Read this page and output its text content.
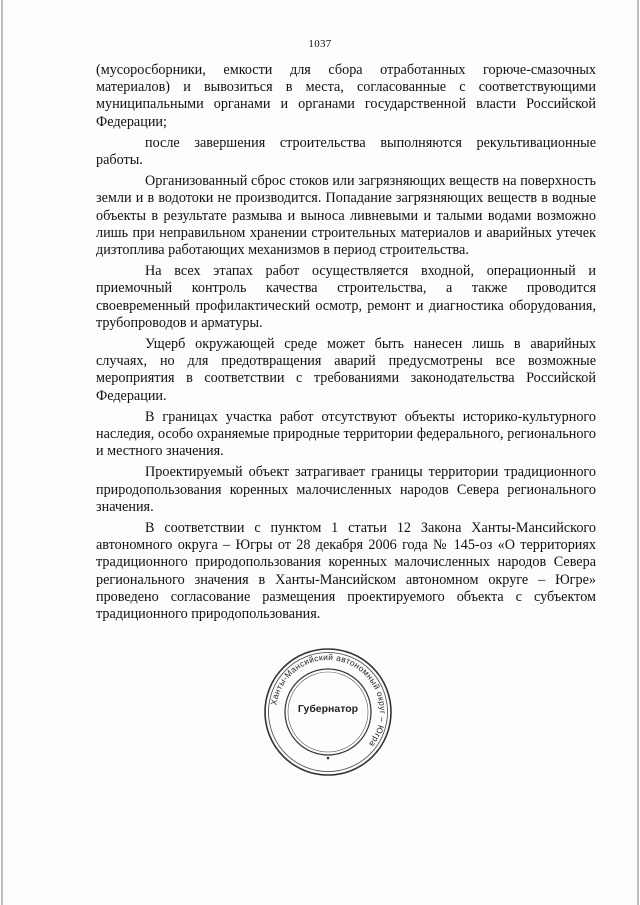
1037

(мусоросборники, емкости для сбора отработанных горюче-смазочных материалов) и вывозиться в места, согласованные с соответствующими муниципальными органами и органами государственной власти Российской Федерации;

после завершения строительства выполняются рекультивационные работы.

Организованный сброс стоков или загрязняющих веществ на поверхность земли и в водотоки не производится. Попадание загрязняющих веществ в водные объекты в результате размыва и выноса ливневыми и талыми водами возможно лишь при неправильном хранении строительных материалов и аварийных утечек дизтоплива работающих механизмов в период строительства.

На всех этапах работ осуществляется входной, операционный и приемочный контроль качества строительства, а также проводится своевременный профилактический осмотр, ремонт и диагностика оборудования, трубопроводов и арматуры.

Ущерб окружающей среде может быть нанесен лишь в аварийных случаях, но для предотвращения аварий предусмотрены все возможные мероприятия в соответствии с требованиями законодательства Российской Федерации.

В границах участка работ отсутствуют объекты историко-культурного наследия, особо охраняемые природные территории федерального, регионального и местного значения.

Проектируемый объект затрагивает границы территории традиционного природопользования коренных малочисленных народов Севера регионального значения.

В соответствии с пунктом 1 статьи 12 Закона Ханты-Мансийского автономного округа – Югры от 28 декабря 2006 года № 145-оз «О территориях традиционного природопользования коренных малочисленных народов Севера регионального значения в Ханты-Мансийском автономном округе – Югре» проведено согласование размещения проектируемого объекта с субъектом традиционного природопользования.

Ханты-Мансийский автономный округ – Югра
Губернатор
